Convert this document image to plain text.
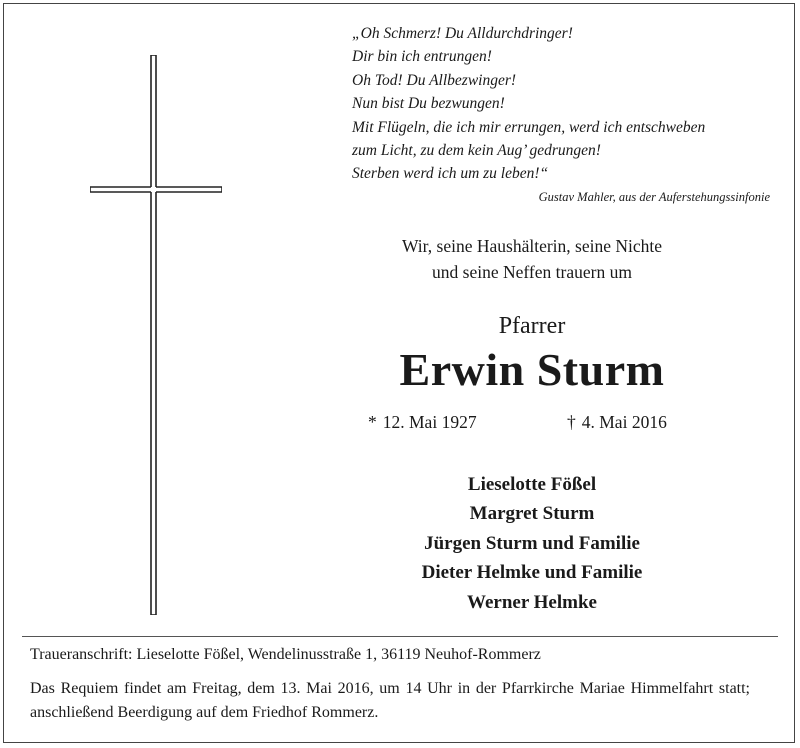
„Oh Schmerz! Du Alldurchdringer!
Dir bin ich entrungen!
Oh Tod! Du Allbezwinger!
Nun bist Du bezwungen!
Mit Flügeln, die ich mir errungen, werd ich entschweben
zum Licht, zu dem kein Aug’ gedrungen!
Sterben werd ich um zu leben!“
Gustav Mahler, aus der Auferstehungssinfonie
Wir, seine Haushälterin, seine Nichte
und seine Neffen trauern um
Pfarrer
Erwin Sturm
* 12. Mai 1927	† 4. Mai 2016
Lieselotte Fößel
Margret Sturm
Jürgen Sturm und Familie
Dieter Helmke und Familie
Werner Helmke
Traueranschrift: Lieselotte Fößel, Wendelinusstraße 1, 36119 Neuhof-Rommerz
Das Requiem findet am Freitag, dem 13. Mai 2016, um 14 Uhr in der Pfarrkirche Mariae Himmelfahrt statt; anschließend Beerdigung auf dem Friedhof Rommerz.
